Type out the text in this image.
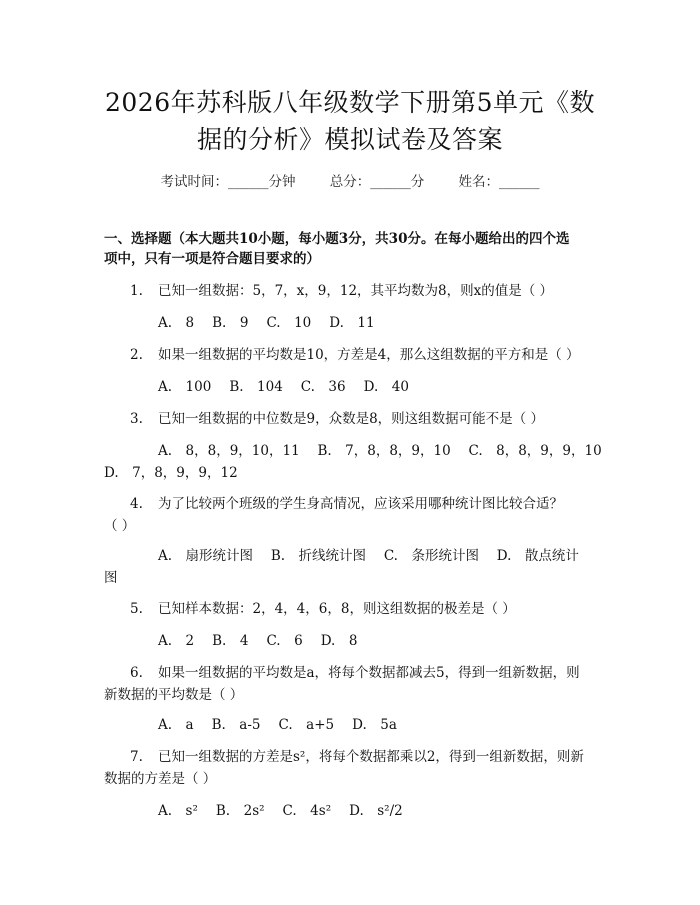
2026年苏科版八年级数学下册第5单元《数
据的分析》模拟试卷及答案
考试时间：______分钟	总分：______分	姓名：______
一、选择题（本大题共10小题，每小题3分，共30分。在每小题给出的四个选
项中，只有一项是符合题目要求的）
1. 已知一组数据：5，7，x，9，12，其平均数为8，则x的值是（ ）
A.　8 B.　9 C.　10 D.　11
2. 如果一组数据的平均数是10，方差是4，那么这组数据的平方和是（ ）
A.　100 B.　104 C.　36 D.　40
3. 已知一组数据的中位数是9，众数是8，则这组数据可能不是（ ）
A.　8，8，9，10，11　 B.　7，8，8，9，10　 C.　8，8，9，9，10
D.　7，8，9，9，12
4. 为了比较两个班级的学生身高情况，应该采用哪种统计图比较合适？
（ ）
A.　扇形统计图　 B.　折线统计图　 C.　条形统计图　 D.　散点统计
图
5. 已知样本数据：2，4，4，6，8，则这组数据的极差是（ ）
A.　2 B.　4 C.　6 D.　8
6. 如果一组数据的平均数是a，将每个数据都减去5，得到一组新数据，则
新数据的平均数是（ ）
A.　a B.　a-5 C.　a+5 D.　5a
7. 已知一组数据的方差是s²，将每个数据都乘以2，得到一组新数据，则新
数据的方差是（ ）
A.　s² B.　2s² C.　4s² D.　s²/2
